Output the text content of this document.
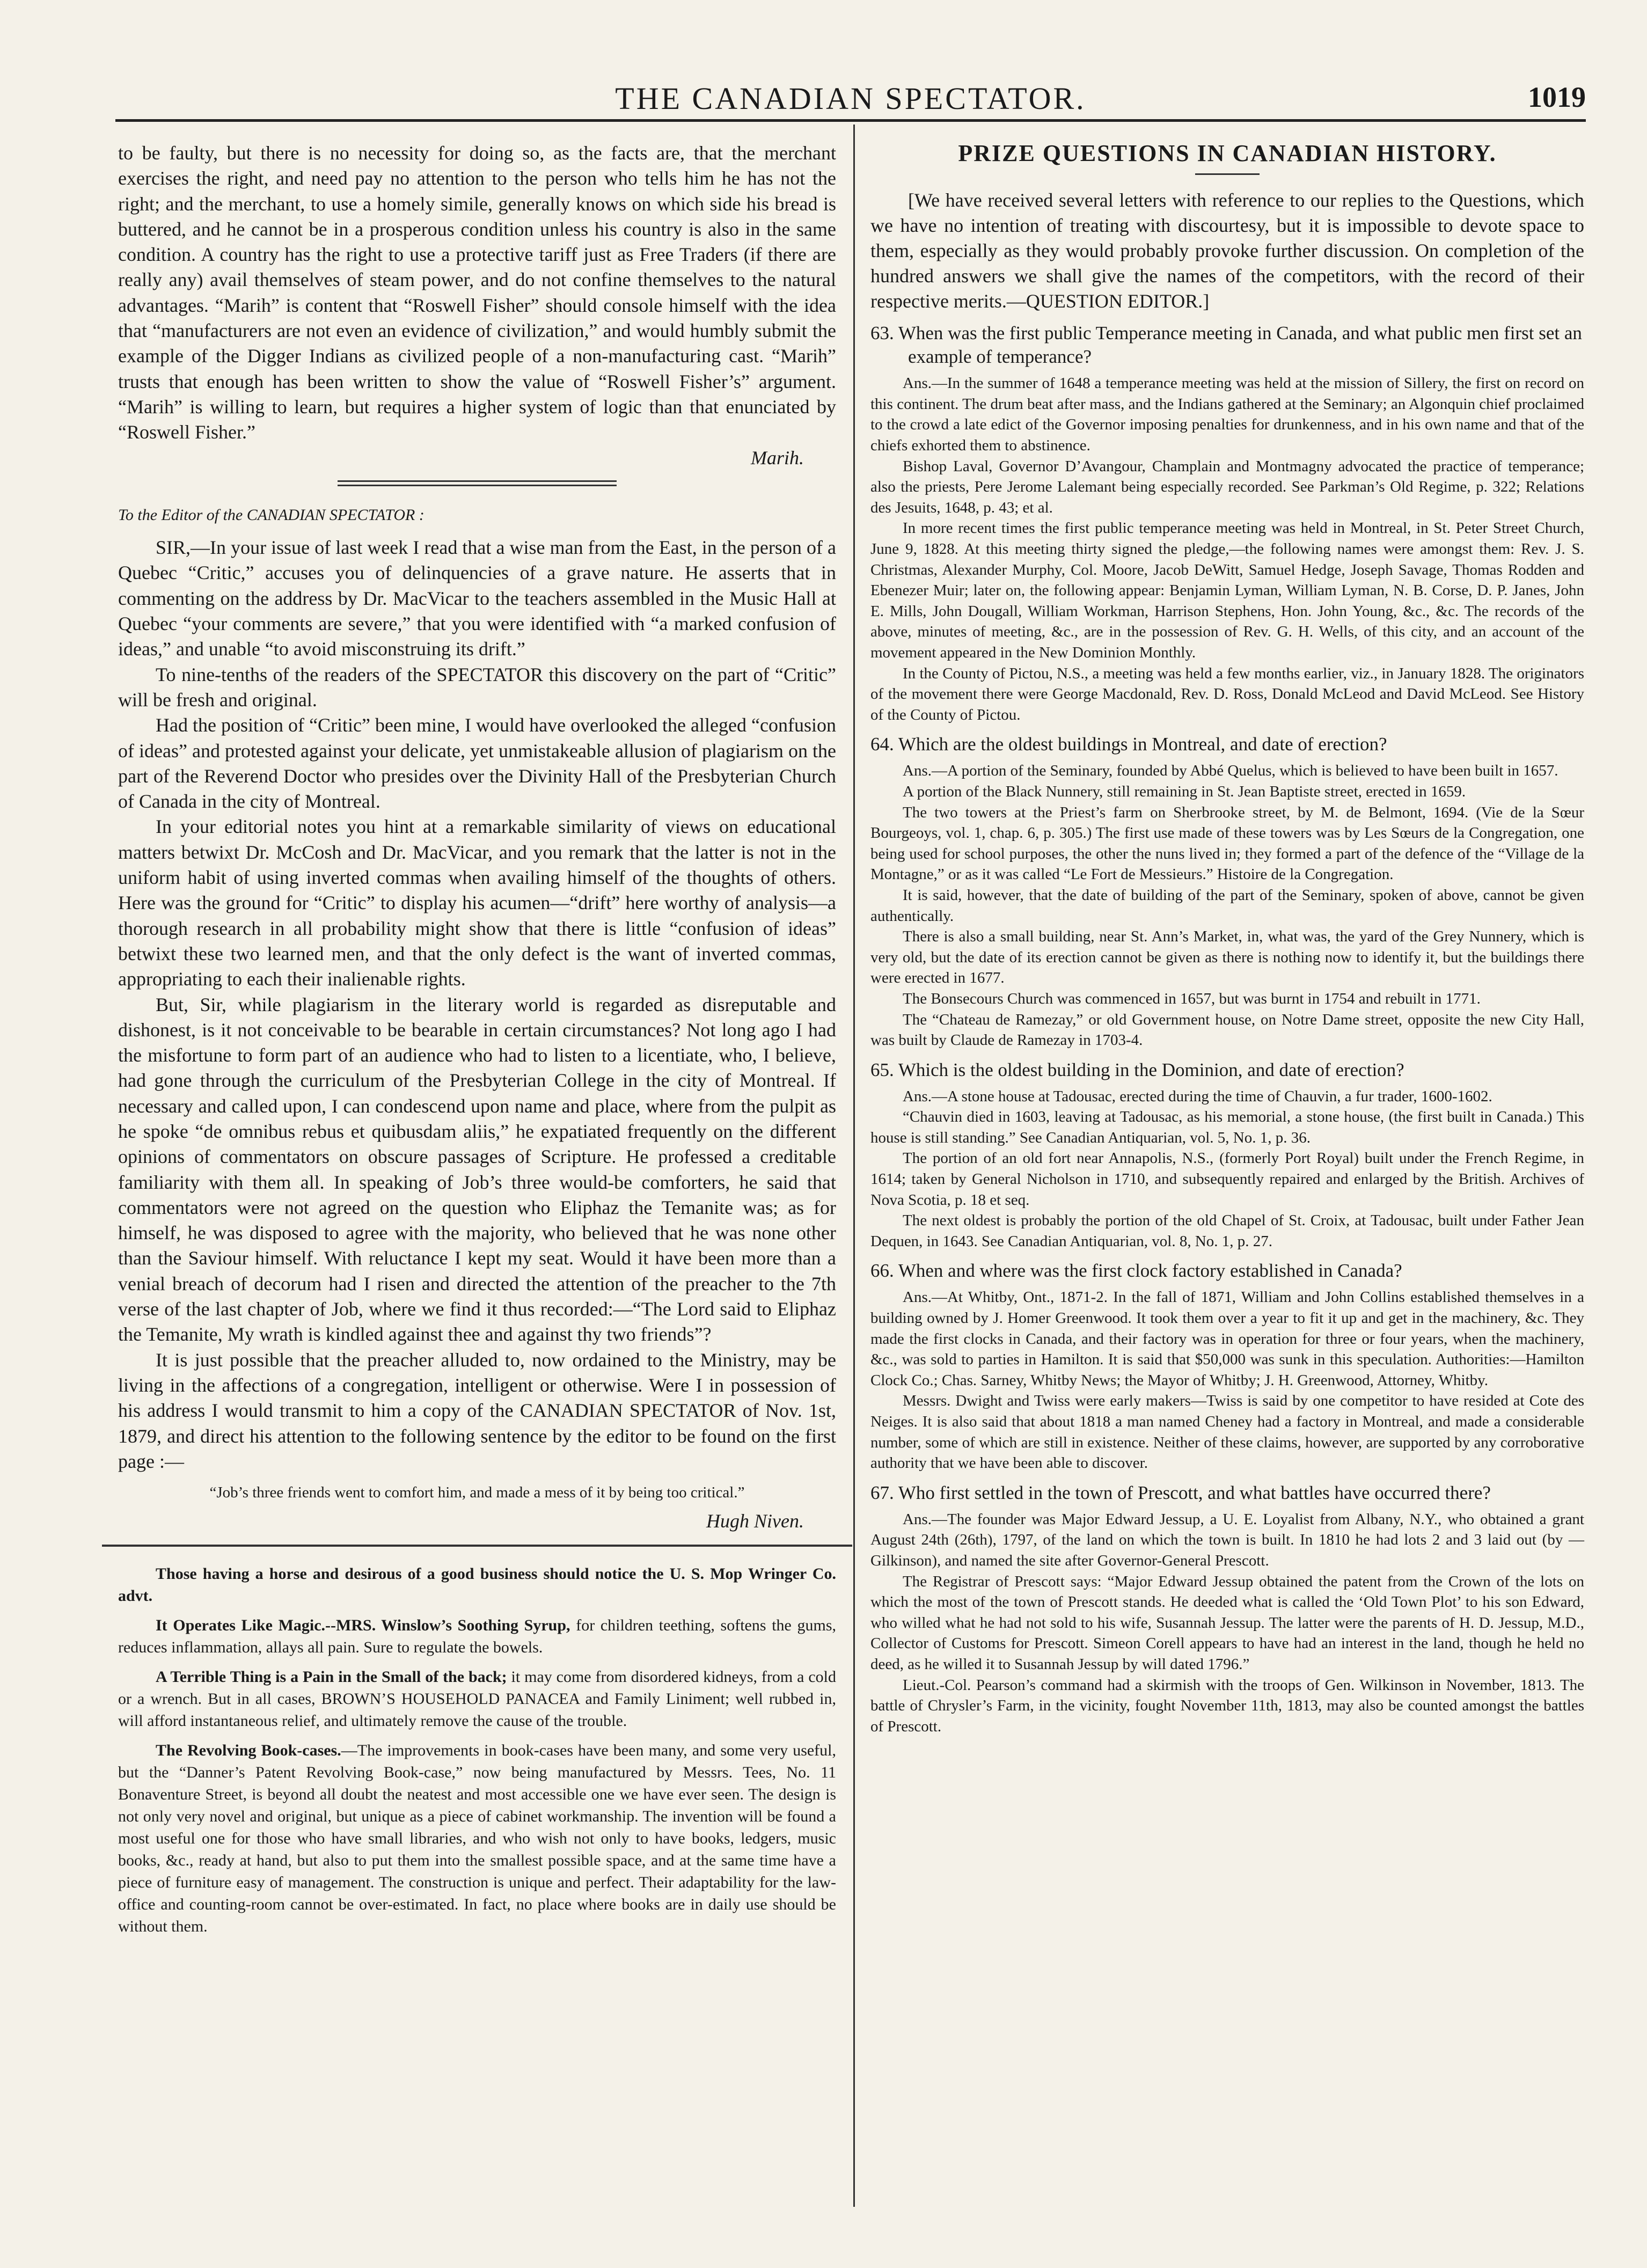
THE CANADIAN SPECTATOR.	1019

to be faulty, but there is no necessity for doing so, as the facts are, that the merchant exercises the right, and need pay no attention to the person who tells him he has not the right; and the merchant, to use a homely simile, generally knows on which side his bread is buttered, and he cannot be in a prosperous condition unless his country is also in the same condition. A country has the right to use a protective tariff just as Free Traders (if there are really any) avail themselves of steam power, and do not confine themselves to the natural advantages. “Marih” is content that “Roswell Fisher” should console himself with the idea that “manufacturers are not even an evidence of civilization,” and would humbly submit the example of the Digger Indians as civilized people of a non-manufacturing cast. “Marih” trusts that enough has been written to show the value of “Roswell Fisher’s” argument. “Marih” is willing to learn, but requires a higher system of logic than that enunciated by “Roswell Fisher.”

Marih.

To the Editor of the CANADIAN SPECTATOR :

SIR,—In your issue of last week I read that a wise man from the East, in the person of a Quebec “Critic,” accuses you of delinquencies of a grave nature. He asserts that in commenting on the address by Dr. MacVicar to the teachers assembled in the Music Hall at Quebec “your comments are severe,” that you were identified with “a marked confusion of ideas,” and unable “to avoid misconstruing its drift.”

To nine-tenths of the readers of the SPECTATOR this discovery on the part of “Critic” will be fresh and original.

Had the position of “Critic” been mine, I would have overlooked the alleged “confusion of ideas” and protested against your delicate, yet unmistakeable allusion of plagiarism on the part of the Reverend Doctor who presides over the Divinity Hall of the Presbyterian Church of Canada in the city of Montreal.

In your editorial notes you hint at a remarkable similarity of views on educational matters betwixt Dr. McCosh and Dr. MacVicar, and you remark that the latter is not in the uniform habit of using inverted commas when availing himself of the thoughts of others. Here was the ground for “Critic” to display his acumen—“drift” here worthy of analysis—a thorough research in all probability might show that there is little “confusion of ideas” betwixt these two learned men, and that the only defect is the want of inverted commas, appropriating to each their inalienable rights.

But, Sir, while plagiarism in the literary world is regarded as disreputable and dishonest, is it not conceivable to be bearable in certain circumstances? Not long ago I had the misfortune to form part of an audience who had to listen to a licentiate, who, I believe, had gone through the curriculum of the Presbyterian College in the city of Montreal. If necessary and called upon, I can condescend upon name and place, where from the pulpit as he spoke “de omnibus rebus et quibusdam aliis,” he expatiated frequently on the different opinions of commentators on obscure passages of Scripture. He professed a creditable familiarity with them all. In speaking of Job’s three would-be comforters, he said that commentators were not agreed on the question who Eliphaz the Temanite was; as for himself, he was disposed to agree with the majority, who believed that he was none other than the Saviour himself. With reluctance I kept my seat. Would it have been more than a venial breach of decorum had I risen and directed the attention of the preacher to the 7th verse of the last chapter of Job, where we find it thus recorded:—“The Lord said to Eliphaz the Temanite, My wrath is kindled against thee and against thy two friends”?

It is just possible that the preacher alluded to, now ordained to the Ministry, may be living in the affections of a congregation, intelligent or otherwise. Were I in possession of his address I would transmit to him a copy of the CANADIAN SPECTATOR of Nov. 1st, 1879, and direct his attention to the following sentence by the editor to be found on the first page :—

“Job’s three friends went to comfort him, and made a mess of it by being too critical.”

Hugh Niven.

Those having a horse and desirous of a good business should notice the U. S. Mop Wringer Co. advt.

It Operates Like Magic.--MRS. Winslow’s Soothing Syrup, for children teething, softens the gums, reduces inflammation, allays all pain. Sure to regulate the bowels.

A Terrible Thing is a Pain in the Small of the back; it may come from disordered kidneys, from a cold or a wrench. But in all cases, BROWN’S HOUSEHOLD PANACEA and Family Liniment; well rubbed in, will afford instantaneous relief, and ultimately remove the cause of the trouble.

The Revolving Book-cases.—The improvements in book-cases have been many, and some very useful, but the “Danner’s Patent Revolving Book-case,” now being manufactured by Messrs. Tees, No. 11 Bonaventure Street, is beyond all doubt the neatest and most accessible one we have ever seen. The design is not only very novel and original, but unique as a piece of cabinet workmanship. The invention will be found a most useful one for those who have small libraries, and who wish not only to have books, ledgers, music books, &c., ready at hand, but also to put them into the smallest possible space, and at the same time have a piece of furniture easy of management. The construction is unique and perfect. Their adaptability for the law-office and counting-room cannot be over-estimated. In fact, no place where books are in daily use should be without them.

PRIZE QUESTIONS IN CANADIAN HISTORY.

[We have received several letters with reference to our replies to the Questions, which we have no intention of treating with discourtesy, but it is impossible to devote space to them, especially as they would probably provoke further discussion. On completion of the hundred answers we shall give the names of the competitors, with the record of their respective merits.—QUESTION EDITOR.]

63. When was the first public Temperance meeting in Canada, and what public men first set an example of temperance?

Ans.—In the summer of 1648 a temperance meeting was held at the mission of Sillery, the first on record on this continent. The drum beat after mass, and the Indians gathered at the Seminary; an Algonquin chief proclaimed to the crowd a late edict of the Governor imposing penalties for drunkenness, and in his own name and that of the chiefs exhorted them to abstinence.

Bishop Laval, Governor D’Avangour, Champlain and Montmagny advocated the practice of temperance; also the priests, Pere Jerome Lalemant being especially recorded. See Parkman’s Old Regime, p. 322; Relations des Jesuits, 1648, p. 43; et al.

In more recent times the first public temperance meeting was held in Montreal, in St. Peter Street Church, June 9, 1828. At this meeting thirty signed the pledge,—the following names were amongst them: Rev. J. S. Christmas, Alexander Murphy, Col. Moore, Jacob DeWitt, Samuel Hedge, Joseph Savage, Thomas Rodden and Ebenezer Muir; later on, the following appear: Benjamin Lyman, William Lyman, N. B. Corse, D. P. Janes, John E. Mills, John Dougall, William Workman, Harrison Stephens, Hon. John Young, &c., &c. The records of the above, minutes of meeting, &c., are in the possession of Rev. G. H. Wells, of this city, and an account of the movement appeared in the New Dominion Monthly.

In the County of Pictou, N.S., a meeting was held a few months earlier, viz., in January 1828. The originators of the movement there were George Macdonald, Rev. D. Ross, Donald McLeod and David McLeod. See History of the County of Pictou.

64. Which are the oldest buildings in Montreal, and date of erection?

Ans.—A portion of the Seminary, founded by Abbé Quelus, which is believed to have been built in 1657.

A portion of the Black Nunnery, still remaining in St. Jean Baptiste street, erected in 1659.

The two towers at the Priest’s farm on Sherbrooke street, by M. de Belmont, 1694. (Vie de la Sœur Bourgeoys, vol. 1, chap. 6, p. 305.) The first use made of these towers was by Les Sœurs de la Congregation, one being used for school purposes, the other the nuns lived in; they formed a part of the defence of the “Village de la Montagne,” or as it was called “Le Fort de Messieurs.” Histoire de la Congregation.

It is said, however, that the date of building of the part of the Seminary, spoken of above, cannot be given authentically.

There is also a small building, near St. Ann’s Market, in, what was, the yard of the Grey Nunnery, which is very old, but the date of its erection cannot be given as there is nothing now to identify it, but the buildings there were erected in 1677.

The Bonsecours Church was commenced in 1657, but was burnt in 1754 and rebuilt in 1771.

The “Chateau de Ramezay,” or old Government house, on Notre Dame street, opposite the new City Hall, was built by Claude de Ramezay in 1703-4.

65. Which is the oldest building in the Dominion, and date of erection?

Ans.—A stone house at Tadousac, erected during the time of Chauvin, a fur trader, 1600-1602.

“Chauvin died in 1603, leaving at Tadousac, as his memorial, a stone house, (the first built in Canada.) This house is still standing.” See Canadian Antiquarian, vol. 5, No. 1, p. 36.

The portion of an old fort near Annapolis, N.S., (formerly Port Royal) built under the French Regime, in 1614; taken by General Nicholson in 1710, and subsequently repaired and enlarged by the British. Archives of Nova Scotia, p. 18 et seq.

The next oldest is probably the portion of the old Chapel of St. Croix, at Tadousac, built under Father Jean Dequen, in 1643. See Canadian Antiquarian, vol. 8, No. 1, p. 27.

66. When and where was the first clock factory established in Canada?

Ans.—At Whitby, Ont., 1871-2. In the fall of 1871, William and John Collins established themselves in a building owned by J. Homer Greenwood. It took them over a year to fit it up and get in the machinery, &c. They made the first clocks in Canada, and their factory was in operation for three or four years, when the machinery, &c., was sold to parties in Hamilton. It is said that $50,000 was sunk in this speculation. Authorities:—Hamilton Clock Co.; Chas. Sarney, Whitby News; the Mayor of Whitby; J. H. Greenwood, Attorney, Whitby.

Messrs. Dwight and Twiss were early makers—Twiss is said by one competitor to have resided at Cote des Neiges. It is also said that about 1818 a man named Cheney had a factory in Montreal, and made a considerable number, some of which are still in existence. Neither of these claims, however, are supported by any corroborative authority that we have been able to discover.

67. Who first settled in the town of Prescott, and what battles have occurred there?

Ans.—The founder was Major Edward Jessup, a U. E. Loyalist from Albany, N.Y., who obtained a grant August 24th (26th), 1797, of the land on which the town is built. In 1810 he had lots 2 and 3 laid out (by — Gilkinson), and named the site after Governor-General Prescott.

The Registrar of Prescott says: “Major Edward Jessup obtained the patent from the Crown of the lots on which the most of the town of Prescott stands. He deeded what is called the ‘Old Town Plot’ to his son Edward, who willed what he had not sold to his wife, Susannah Jessup. The latter were the parents of H. D. Jessup, M.D., Collector of Customs for Prescott. Simeon Corell appears to have had an interest in the land, though he held no deed, as he willed it to Susannah Jessup by will dated 1796.”

Lieut.-Col. Pearson’s command had a skirmish with the troops of Gen. Wilkinson in November, 1813. The battle of Chrysler’s Farm, in the vicinity, fought November 11th, 1813, may also be counted amongst the battles of Prescott.
